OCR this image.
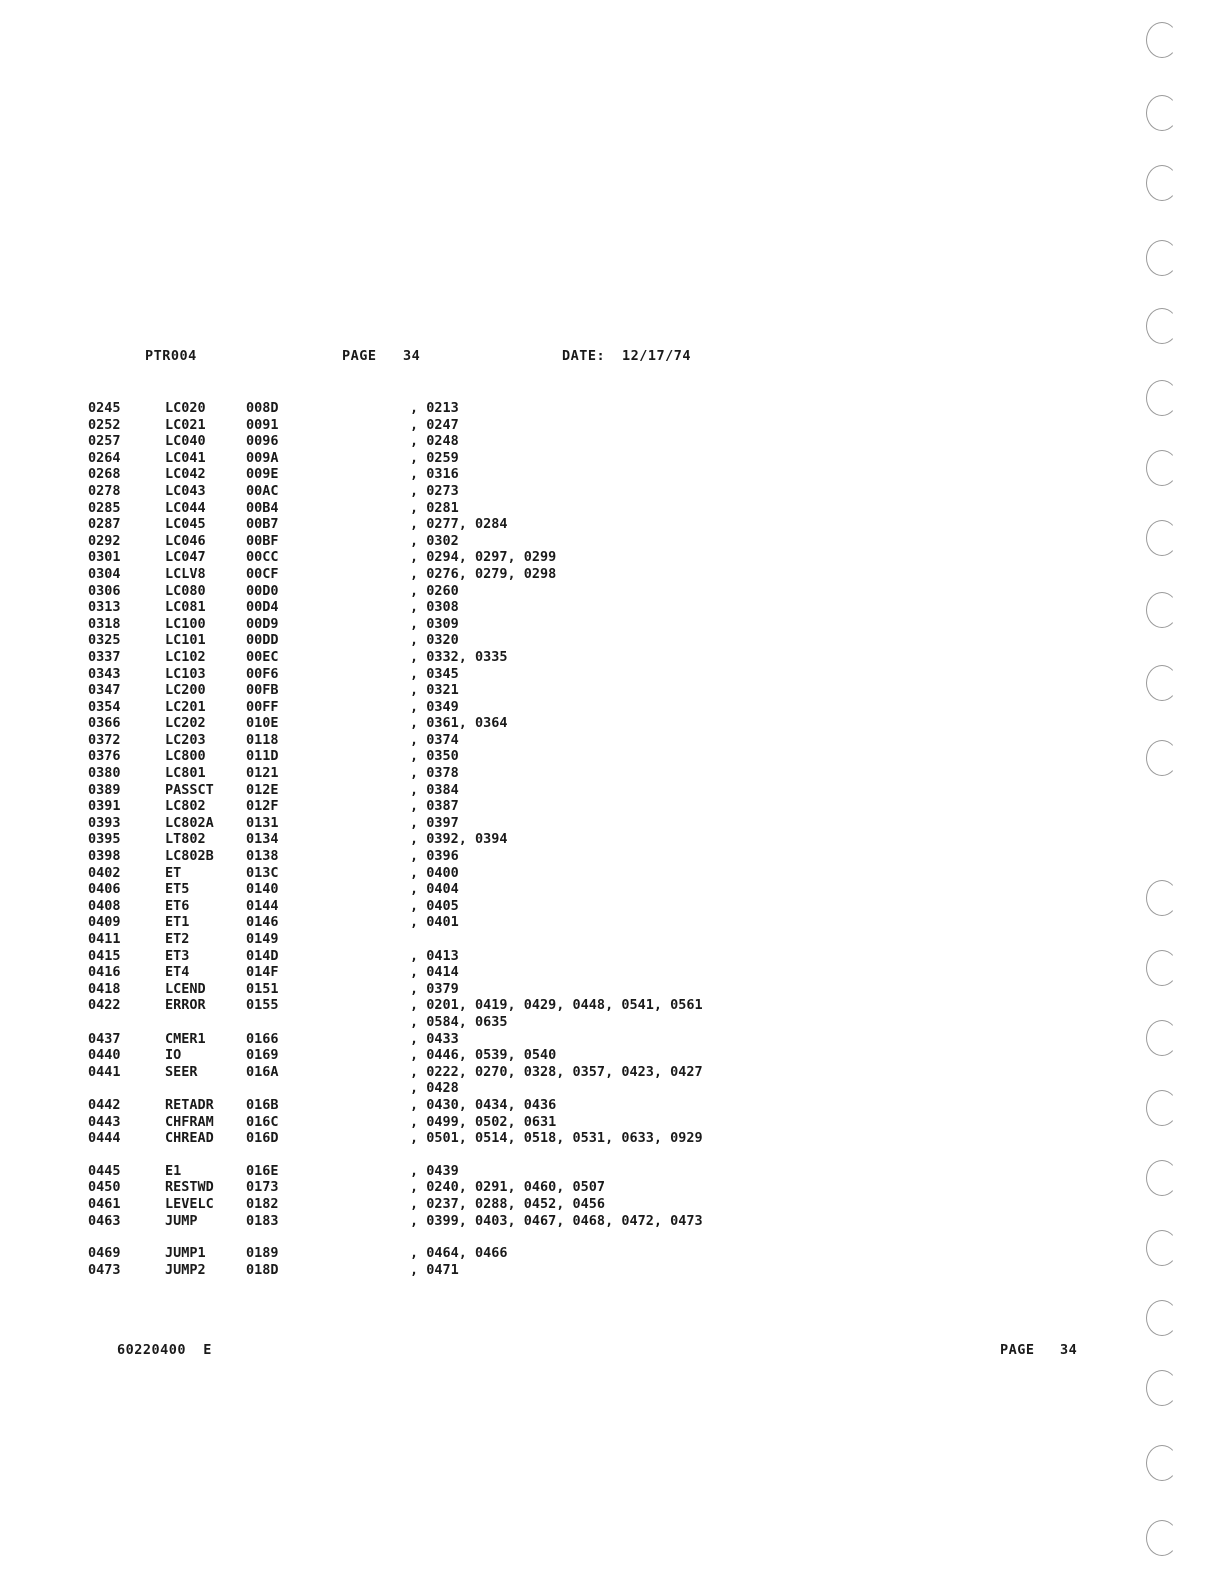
PTR004	PAGE 34	DATE: 12/17/74
0245	LC020	008D	, 0213
0252	LC021	0091	, 0247
0257	LC040	0096	, 0248
0264	LC041	009A	, 0259
0268	LC042	009E	, 0316
0278	LC043	00AC	, 0273
0285	LC044	00B4	, 0281
0287	LC045	00B7	, 0277, 0284
0292	LC046	00BF	, 0302
0301	LC047	00CC	, 0294, 0297, 0299
0304	LCLV8	00CF	, 0276, 0279, 0298
0306	LC080	00D0	, 0260
0313	LC081	00D4	, 0308
0318	LC100	00D9	, 0309
0325	LC101	00DD	, 0320
0337	LC102	00EC	, 0332, 0335
0343	LC103	00F6	, 0345
0347	LC200	00FB	, 0321
0354	LC201	00FF	, 0349
0366	LC202	010E	, 0361, 0364
0372	LC203	0118	, 0374
0376	LC800	011D	, 0350
0380	LC801	0121	, 0378
0389	PASSCT 012E	, 0384
0391	LC802	012F	, 0387
0393	LC802A 0131	, 0397
0395	LT802	0134	, 0392, 0394
0398	LC802B 0138	, 0396
0402	ET	013C	, 0400
0406	ET5	0140	, 0404
0408	ET6	0144	, 0405
0409	ET1	0146	, 0401
0411	ET2	0149
0415	ET3	014D	, 0413
0416	ET4	014F	, 0414
0418	LCEND	0151	, 0379
0422	ERROR	0155	, 0201, 0419, 0429, 0448, 0541, 0561
, 0584, 0635
0437	CMER1	0166	, 0433
0440	IO	0169	, 0446, 0539, 0540
0441	SEER	016A	, 0222, 0270, 0328, 0357, 0423, 0427
, 0428
0442	RETADR 016B	, 0430, 0434, 0436
0443	CHFRAM 016C	, 0499, 0502, 0631
0444	CHREAD 016D	, 0501, 0514, 0518, 0531, 0633, 0929
0445	E1	016E	, 0439
0450	RESTWD 0173	, 0240, 0291, 0460, 0507
0461	LEVELC 0182	, 0237, 0288, 0452, 0456
0463	JUMP	0183	, 0399, 0403, 0467, 0468, 0472, 0473
0469	JUMP1	0189	, 0464, 0466
0473	JUMP2	018D	, 0471
60220400  E	PAGE 34
